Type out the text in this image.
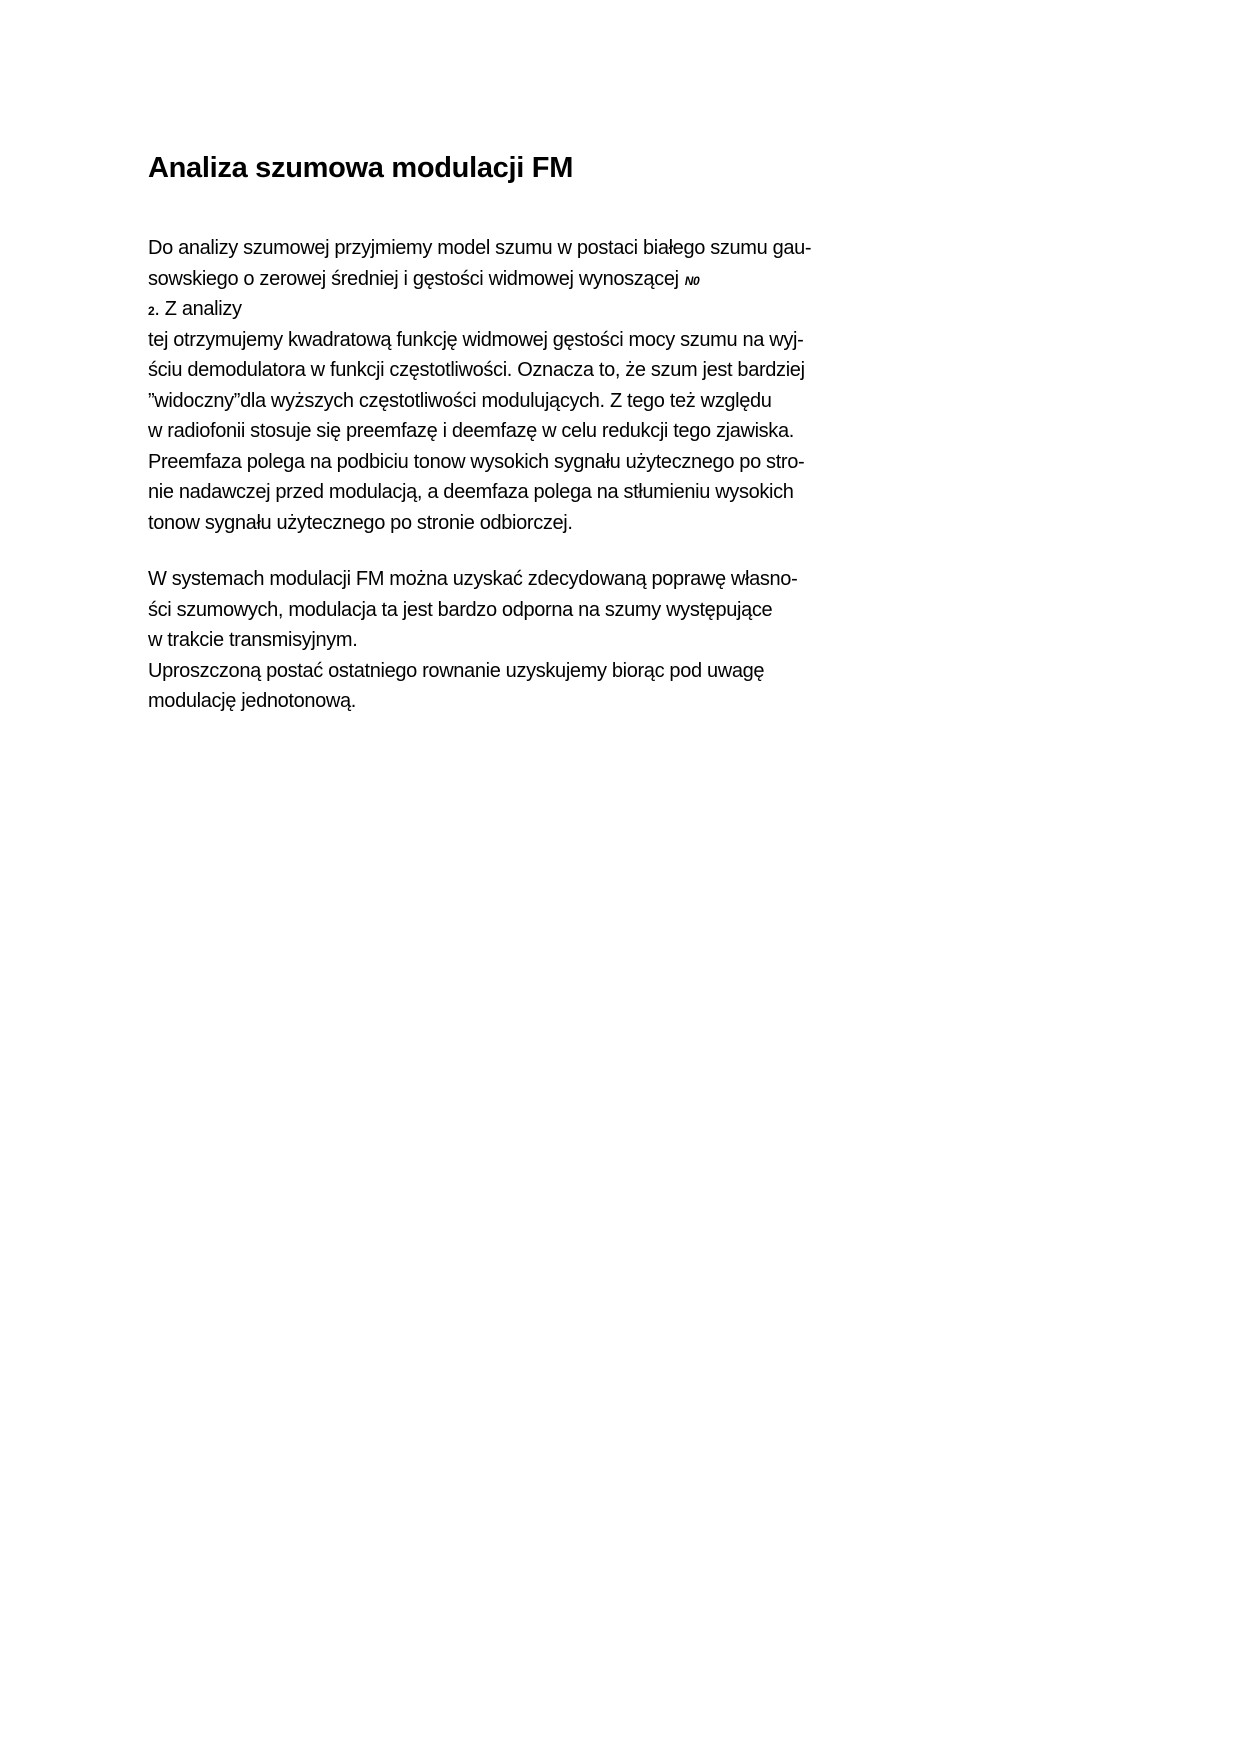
Analiza szumowa modulacji FM

Do analizy szumowej przyjmiemy model szumu w postaci białego szumu gau-
sowskiego o zerowej średniej i gęstości widmowej wynoszącej N0
2. Z analizy
tej otrzymujemy kwadratową funkcję widmowej gęstości mocy szumu na wyj-
ściu demodulatora w funkcji częstotliwości. Oznacza to, że szum jest bardziej
”widoczny”dla wyższych częstotliwości modulujących. Z tego też względu
w radiofonii stosuje się preemfazę i deemfazę w celu redukcji tego zjawiska.
Preemfaza polega na podbiciu tonow wysokich sygnału użytecznego po stro-
nie nadawczej przed modulacją, a deemfaza polega na stłumieniu wysokich
tonow sygnału użytecznego po stronie odbiorczej.

W systemach modulacji FM można uzyskać zdecydowaną poprawę własno-
ści szumowych, modulacja ta jest bardzo odporna na szumy występujące
w trakcie transmisyjnym.
Uproszczoną postać ostatniego rownanie uzyskujemy biorąc pod uwagę
modulację jednotonową.
